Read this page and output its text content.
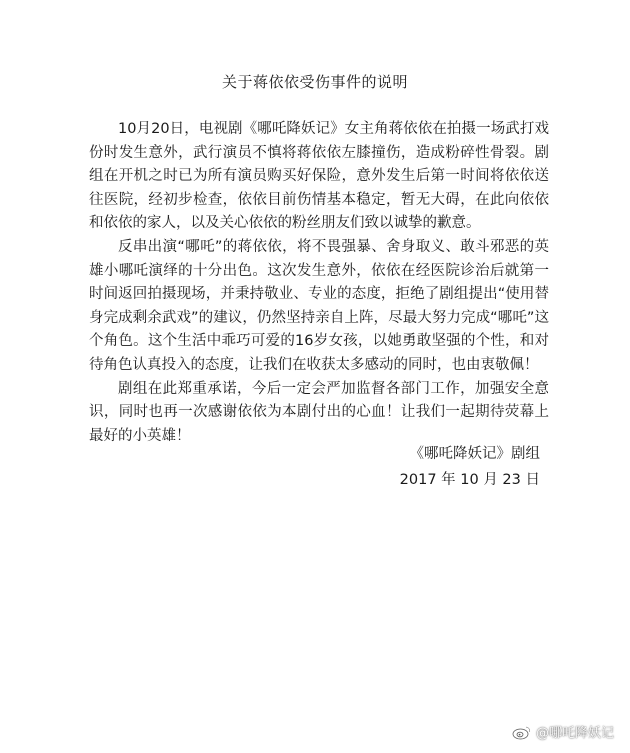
关于蒋依依受伤事件的说明

10月20日，电视剧《哪吒降妖记》女主角蒋依依在拍摄一场武打戏份时发生意外，武行演员不慎将蒋依依左膝撞伤，造成粉碎性骨裂。剧组在开机之时已为所有演员购买好保险，意外发生后第一时间将依依送往医院，经初步检查，依依目前伤情基本稳定，暂无大碍，在此向依依和依依的家人，以及关心依依的粉丝朋友们致以诚挚的歉意。

反串出演“哪吒”的蒋依依，将不畏强暴、舍身取义、敢斗邪恶的英雄小哪吒演绎的十分出色。这次发生意外，依依在经医院诊治后就第一时间返回拍摄现场，并秉持敬业、专业的态度，拒绝了剧组提出“使用替身完成剩余武戏”的建议，仍然坚持亲自上阵，尽最大努力完成“哪吒”这个角色。这个生活中乖巧可爱的16岁女孩，以她勇敢坚强的个性，和对待角色认真投入的态度，让我们在收获太多感动的同时，也由衷敬佩！

剧组在此郑重承诺，今后一定会严加监督各部门工作，加强安全意识，同时也再一次感谢依依为本剧付出的心血！让我们一起期待荧幕上最好的小英雄！

《哪吒降妖记》剧组
2017 年 10 月 23 日
@哪吒降妖记
